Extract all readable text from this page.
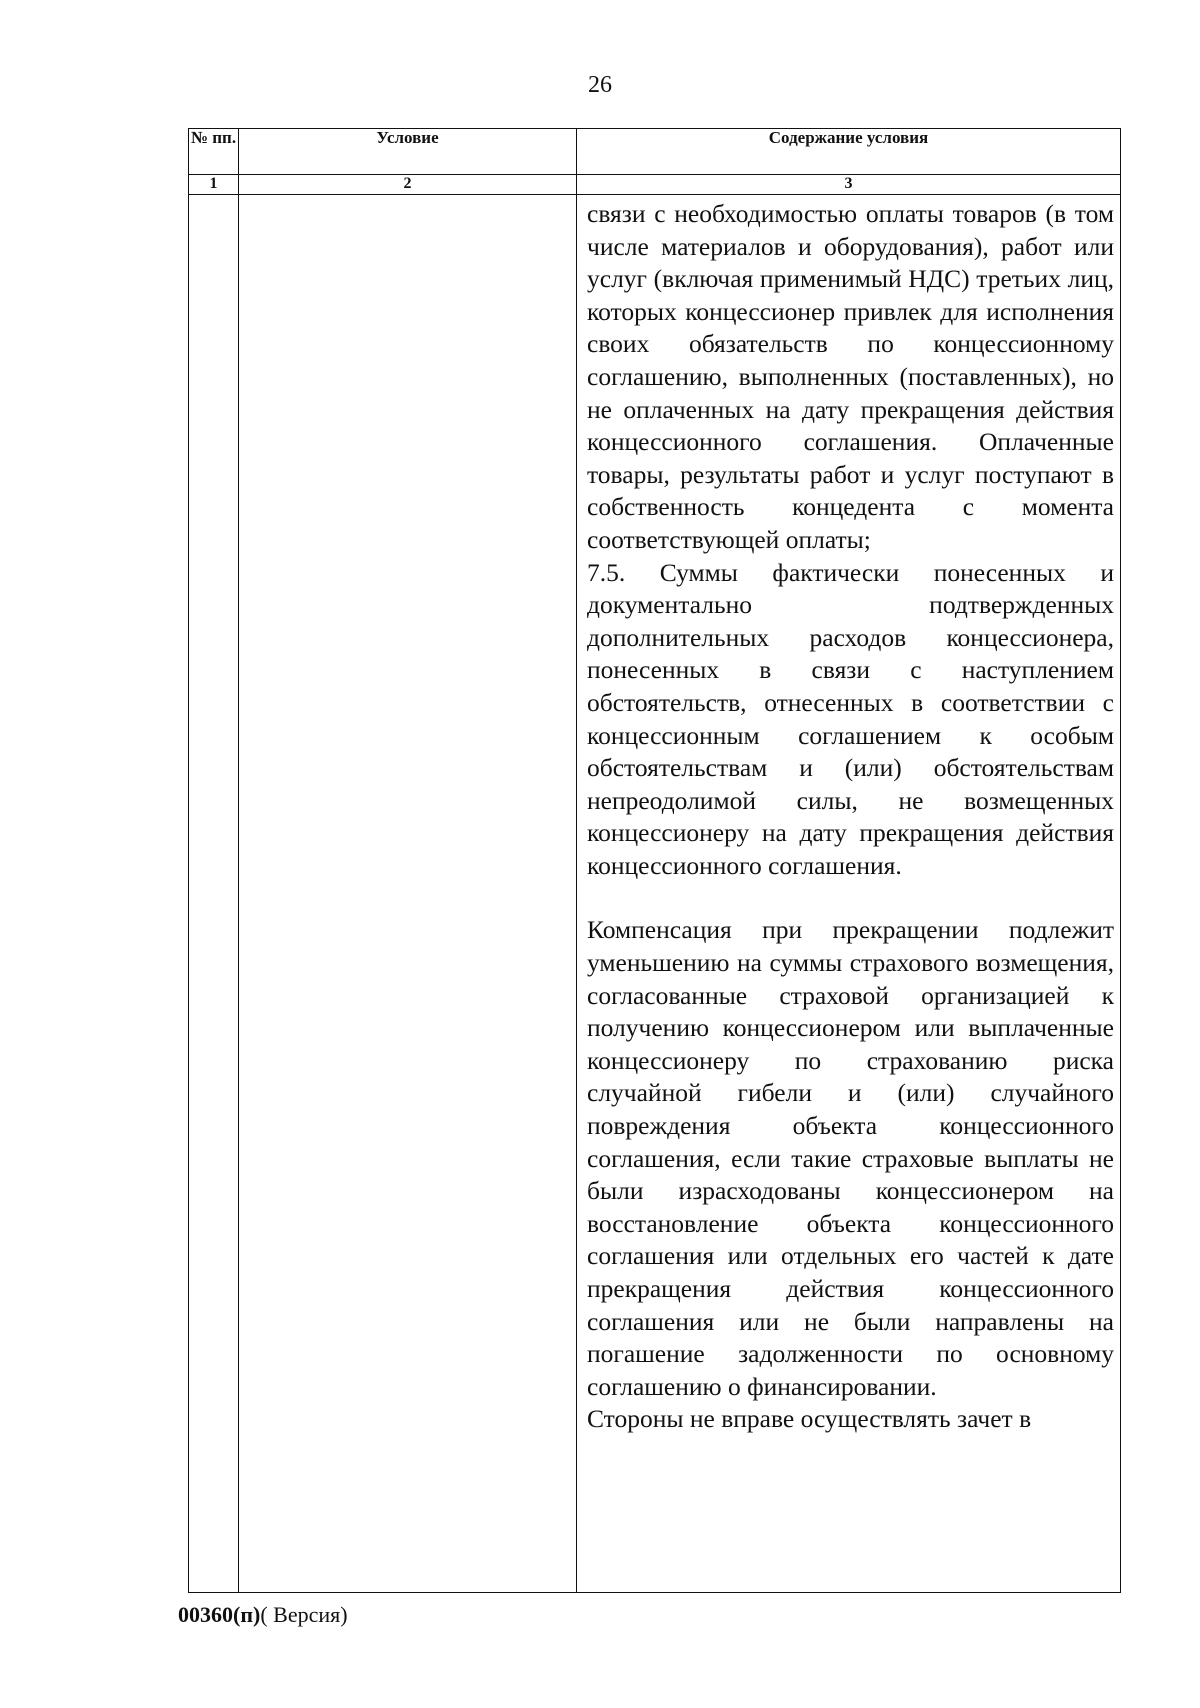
26
№ пп.	Условие	Содержание условия
1	2	3

		связи с необходимостью оплаты товаров (в том числе материалов и оборудования), работ или услуг (включая применимый НДС) третьих лиц, которых концессионер привлек для исполнения своих обязательств по концессионному соглашению, выполненных (поставленных), но не оплаченных на дату прекращения действия концессионного соглашения. Оплаченные товары, результаты работ и услуг поступают в собственность концедента с момента соответствующей оплаты;

7.5. Суммы фактически понесенных и документально подтвержденных дополнительных расходов концессионера, понесенных в связи с наступлением обстоятельств, отнесенных в соответствии с концессионным соглашением к особым обстоятельствам и (или) обстоятельствам непреодолимой силы, не возмещенных концессионеру на дату прекращения действия концессионного соглашения.

Компенсация при прекращении подлежит уменьшению на суммы страхового возмещения, согласованные страховой организацией к получению концессионером или выплаченные концессионеру по страхованию риска случайной гибели и (или) случайного повреждения объекта концессионного соглашения, если такие страховые выплаты не были израсходованы концессионером на восстановление объекта концессионного соглашения или отдельных его частей к дате прекращения действия концессионного соглашения или не были направлены на погашение задолженности по основному соглашению о финансировании.

Стороны не вправе осуществлять зачет в

00360(п)( Версия)
